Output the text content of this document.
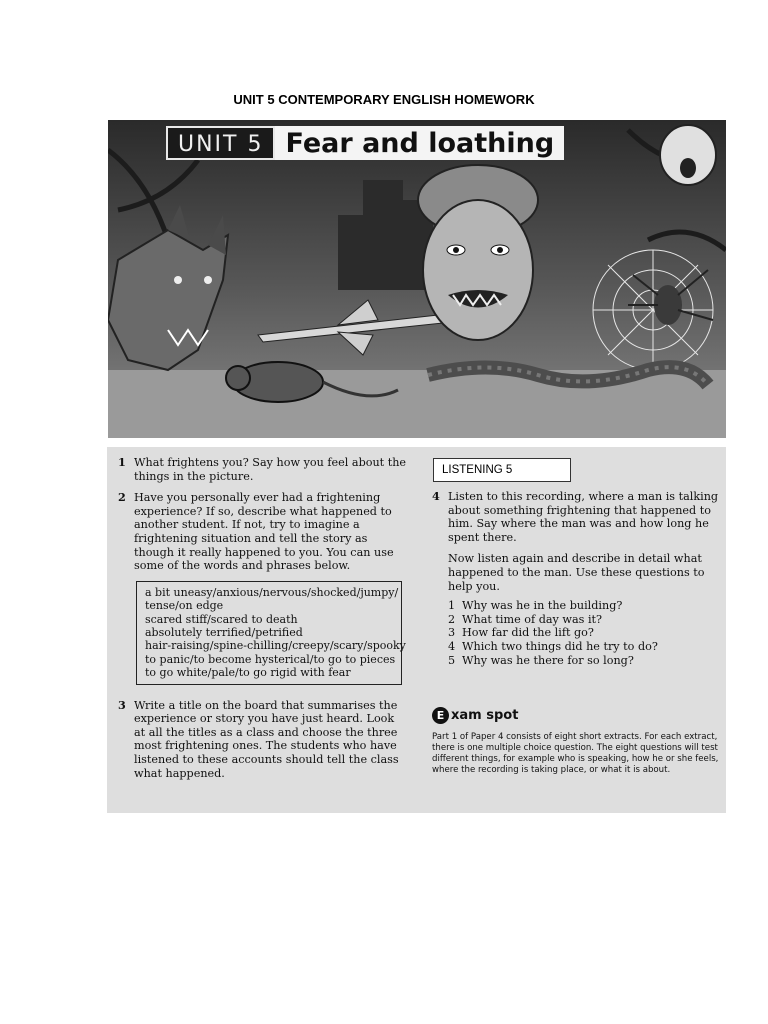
UNIT 5 CONTEMPORARY ENGLISH HOMEWORK
UNIT 5 Fear and loathing
1 What frightens you? Say how you feel about the things in the picture.
2 Have you personally ever had a frightening experience? If so, describe what happened to another student. If not, try to imagine a frightening situation and tell the story as though it really happened to you. You can use some of the words and phrases below.
a bit uneasy/anxious/nervous/shocked/jumpy/
tense/on edge
scared stiff/scared to death
absolutely terrified/petrified
hair-raising/spine-chilling/creepy/scary/spooky
to panic/to become hysterical/to go to pieces
to go white/pale/to go rigid with fear
3 Write a title on the board that summarises the experience or story you have just heard. Look at all the titles as a class and choose the three most frightening ones. The students who have listened to these accounts should tell the class what happened.
LISTENING 5
4 Listen to this recording, where a man is talking about something frightening that happened to him. Say where the man was and how long he spent there.
Now listen again and describe in detail what happened to the man. Use these questions to help you.
1 Why was he in the building?
2 What time of day was it?
3 How far did the lift go?
4 Which two things did he try to do?
5 Why was he there for so long?
E xam spot
Part 1 of Paper 4 consists of eight short extracts. For each extract, there is one multiple choice question. The eight questions will test different things, for example who is speaking, how he or she feels, where the recording is taking place, or what it is about.
